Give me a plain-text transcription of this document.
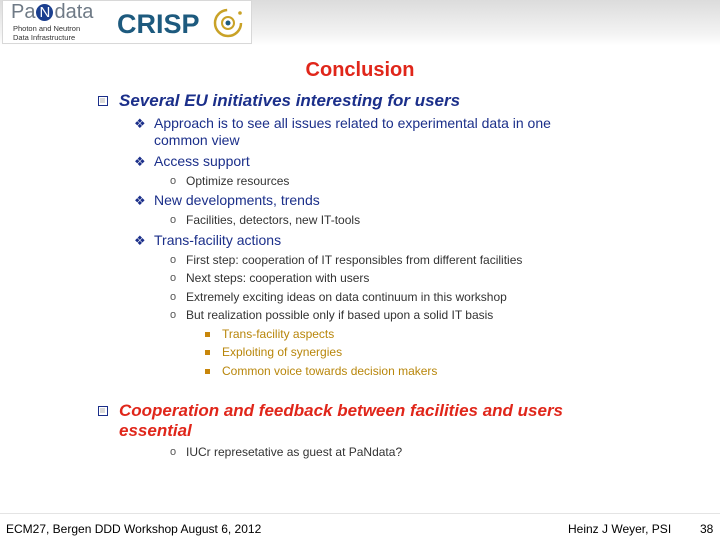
Pa N data
Photon and Neutron
Data Infrastructure CRISP
Conclusion
Several EU initiatives interesting for users
❖ Approach is to see all issues related to experimental data in one
common view
❖ Access support
o Optimize resources
❖ New developments, trends
o Facilities, detectors, new IT-tools
❖ Trans-facility actions
o First step: cooperation of IT responsibles from different facilities
o Next steps: cooperation with users
o Extremely exciting ideas on data continuum in this workshop
o But realization possible only if based upon a solid IT basis
Trans-facility aspects
Exploiting of synergies
Common voice towards decision makers
Cooperation and feedback between facilities and users
essential
o IUCr represetative as guest at PaNdata?
ECM27, Bergen DDD Workshop August 6, 2012	Heinz J Weyer, PSI 38
